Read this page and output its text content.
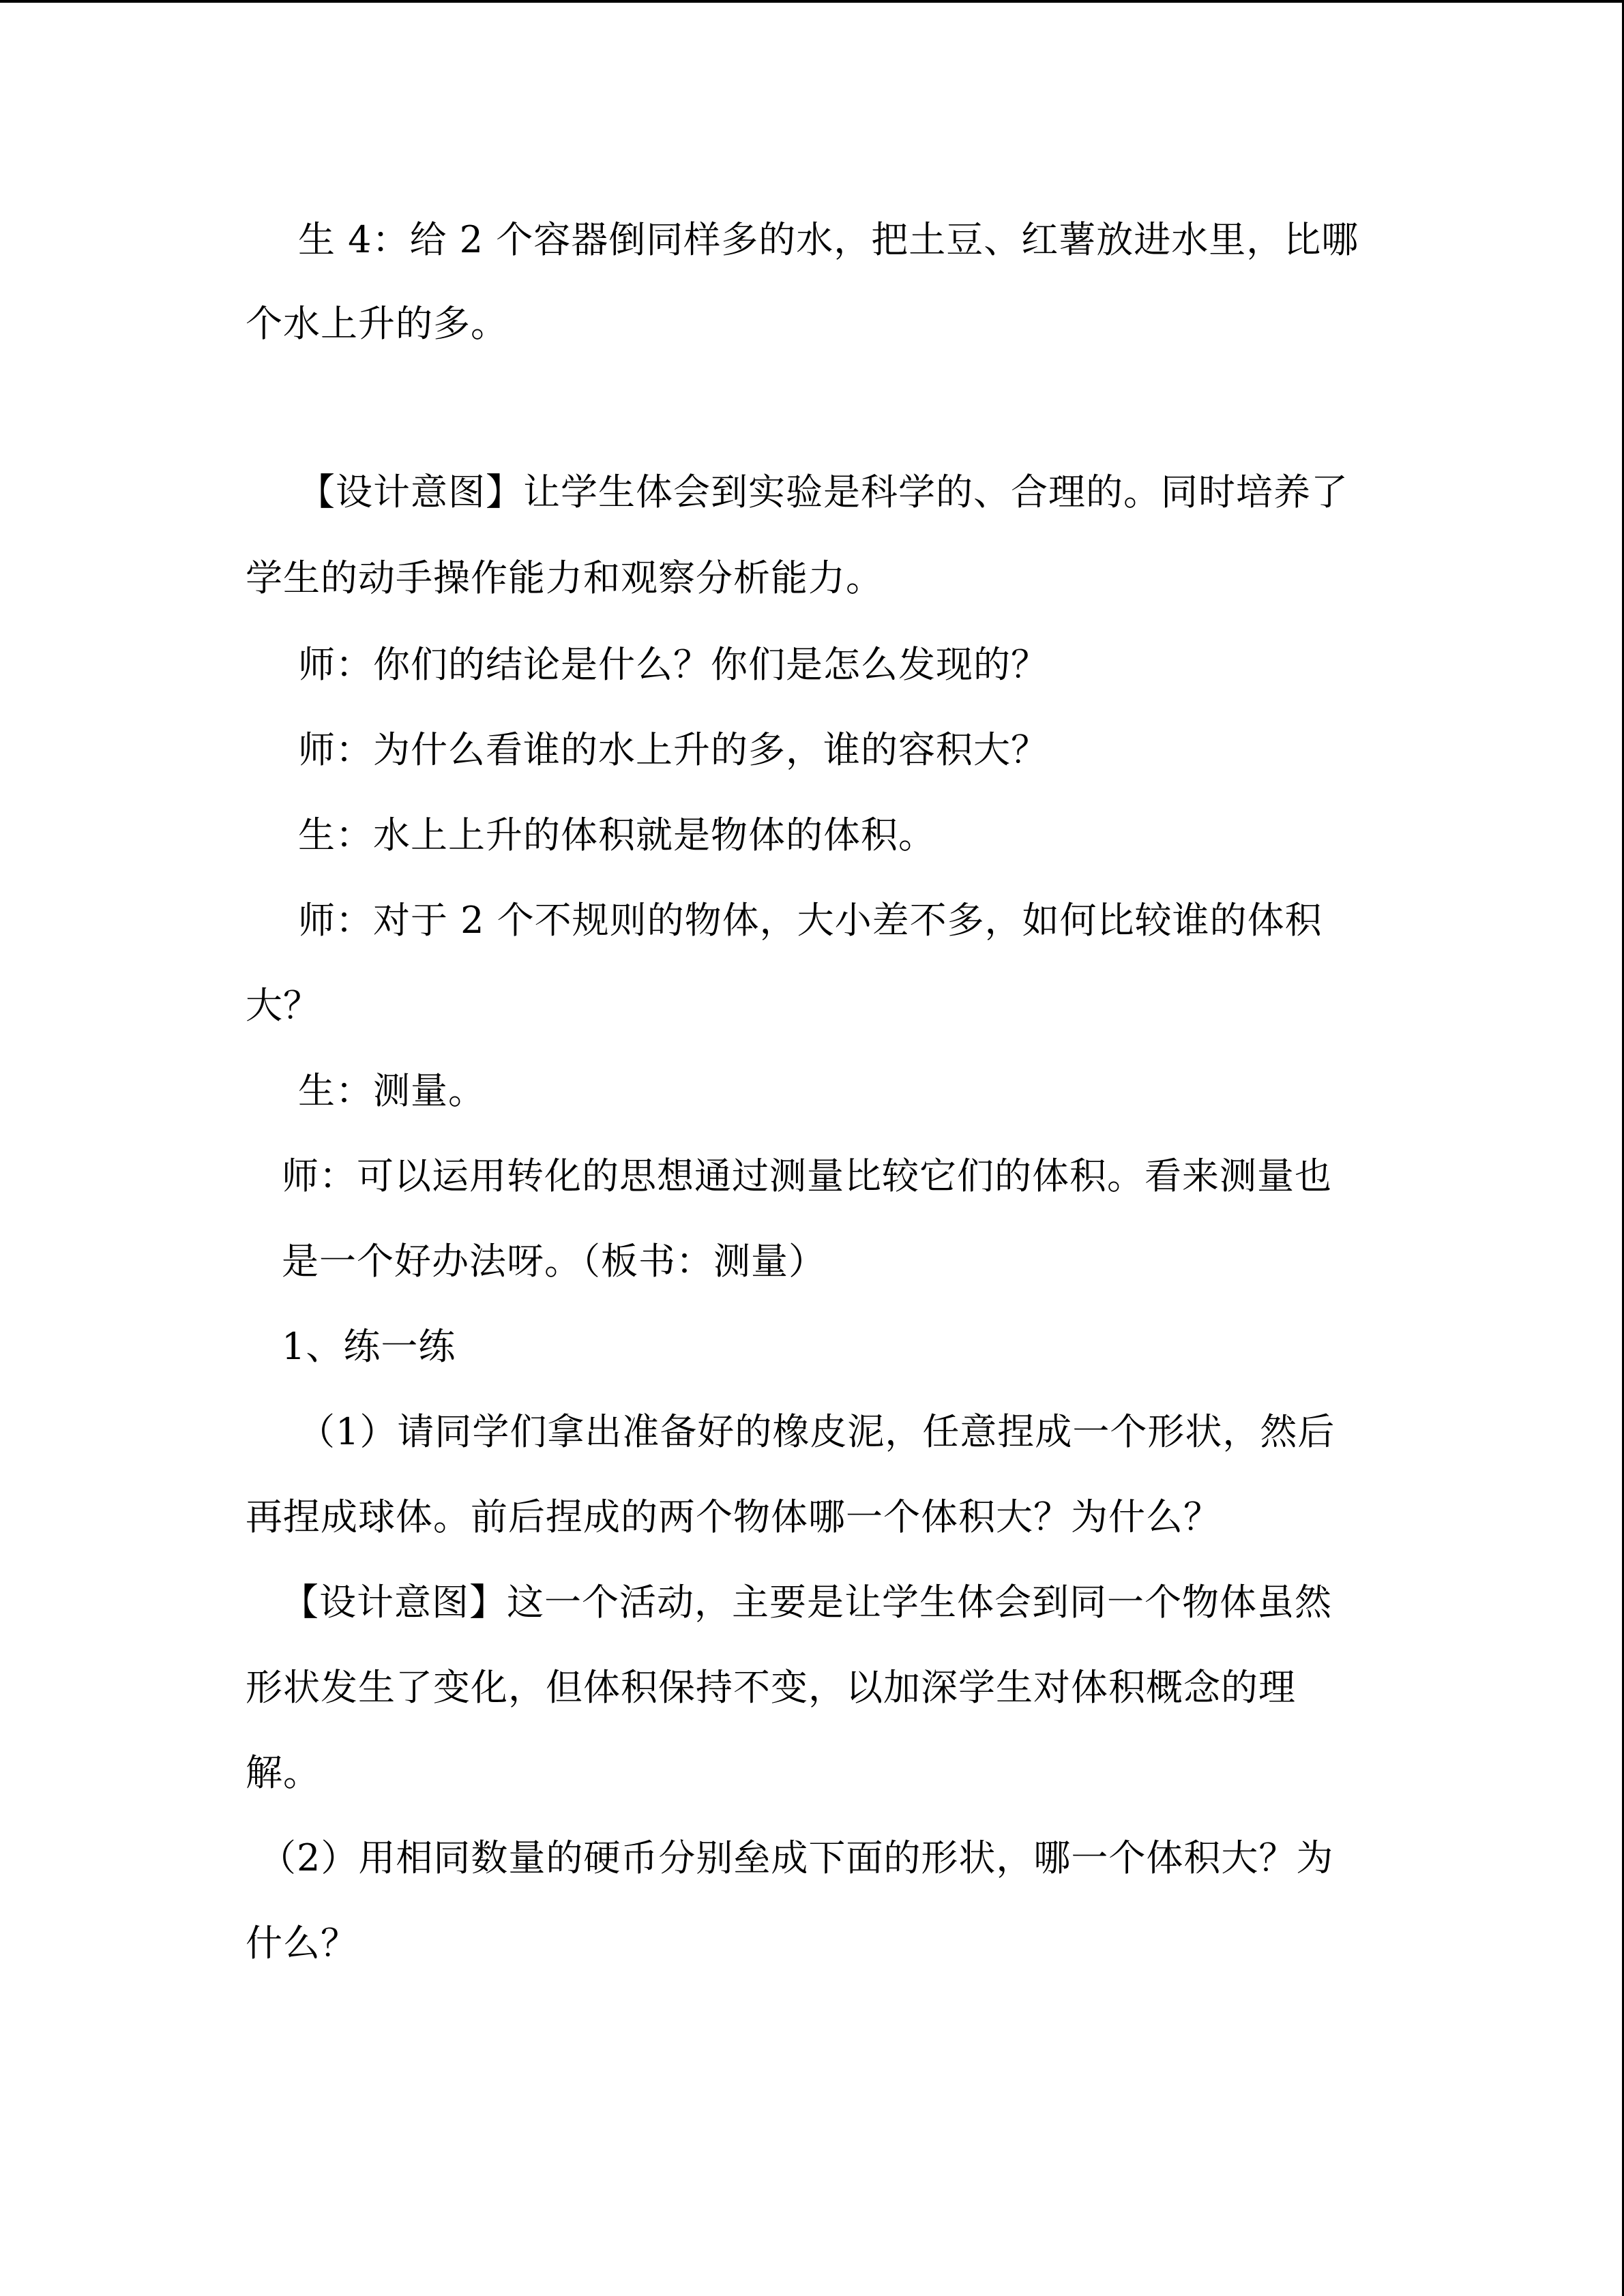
生 4：给 2 个容器倒同样多的水，把土豆、红薯放进水里，比哪
个水上升的多。
【设计意图】让学生体会到实验是科学的、合理的。同时培养了
学生的动手操作能力和观察分析能力。
师：你们的结论是什么？你们是怎么发现的？
师：为什么看谁的水上升的多，谁的容积大？
生：水上上升的体积就是物体的体积。
师：对于 2 个不规则的物体，大小差不多，如何比较谁的体积
大？
生：测量。
师：可以运用转化的思想通过测量比较它们的体积。看来测量也
是一个好办法呀。（板书：测量）
1、练一练
（1）请同学们拿出准备好的橡皮泥，任意捏成一个形状，然后
再捏成球体。前后捏成的两个物体哪一个体积大？为什么？
【设计意图】这一个活动，主要是让学生体会到同一个物体虽然
形状发生了变化，但体积保持不变，以加深学生对体积概念的理
解。
（2）用相同数量的硬币分别垒成下面的形状，哪一个体积大？为
什么？
